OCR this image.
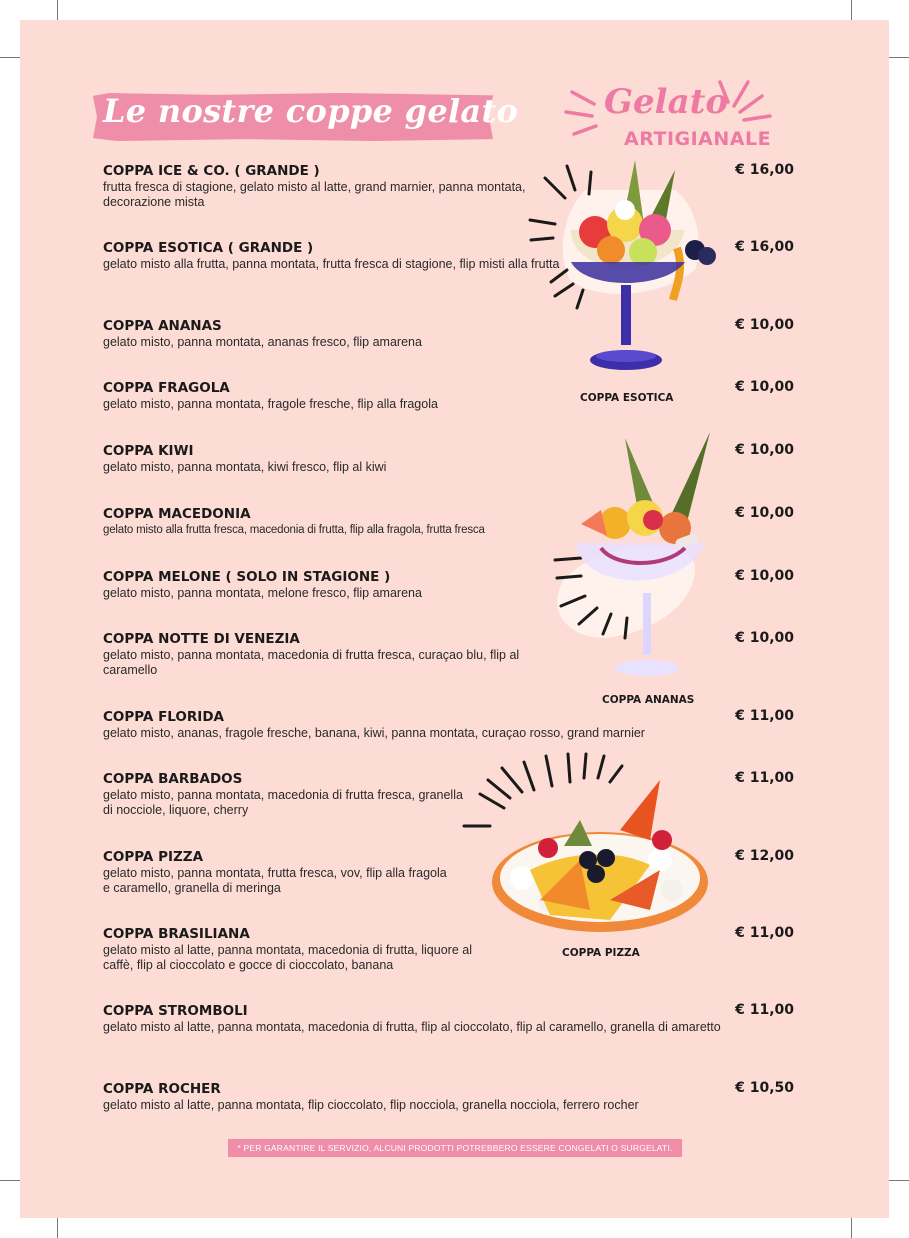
Le nostre coppe gelato	Gelato
ARTIGIANALE
COPPA ICE & CO. ( GRANDE )
frutta fresca di stagione, gelato misto al latte, grand marnier, panna montata, decorazione mista
€ 16,00
COPPA ESOTICA ( GRANDE )
gelato misto alla frutta, panna montata, frutta fresca di stagione, flip misti alla frutta
€ 16,00
COPPA ANANAS
gelato misto, panna montata, ananas fresco, flip amarena
€ 10,00
COPPA FRAGOLA
gelato misto, panna montata, fragole fresche, flip alla fragola
€ 10,00
COPPA KIWI
gelato misto, panna montata, kiwi fresco, flip al kiwi
€ 10,00
COPPA MACEDONIA
gelato misto alla frutta fresca, macedonia di frutta, flip alla fragola, frutta fresca
€ 10,00
COPPA MELONE ( SOLO IN STAGIONE )
gelato misto, panna montata, melone fresco, flip amarena
€ 10,00
COPPA NOTTE DI VENEZIA
gelato misto, panna montata, macedonia di frutta fresca, curaçao blu, flip al caramello
€ 10,00
COPPA FLORIDA
gelato misto, ananas, fragole fresche, banana, kiwi, panna montata, curaçao rosso, grand marnier
€ 11,00
COPPA BARBADOS
gelato misto, panna montata, macedonia di frutta fresca, granella di nocciole, liquore, cherry
€ 11,00
COPPA PIZZA
gelato misto, panna montata, frutta fresca, vov, flip alla fragola e caramello, granella di meringa
€ 12,00
COPPA BRASILIANA
gelato misto al latte, panna montata, macedonia di frutta, liquore al caffè, flip al cioccolato e gocce di cioccolato, banana
€ 11,00
COPPA STROMBOLI
gelato misto al latte, panna montata, macedonia di frutta, flip al cioccolato, flip al caramello, granella di amaretto
€ 11,00
COPPA ROCHER
gelato misto al latte, panna montata, flip cioccolato, flip nocciola, granella nocciola, ferrero rocher
€ 10,50
COPPA ESOTICA
COPPA ANANAS
COPPA PIZZA
* PER GARANTIRE IL SERVIZIO, ALCUNI PRODOTTI POTREBBERO ESSERE CONGELATI O SURGELATI.
